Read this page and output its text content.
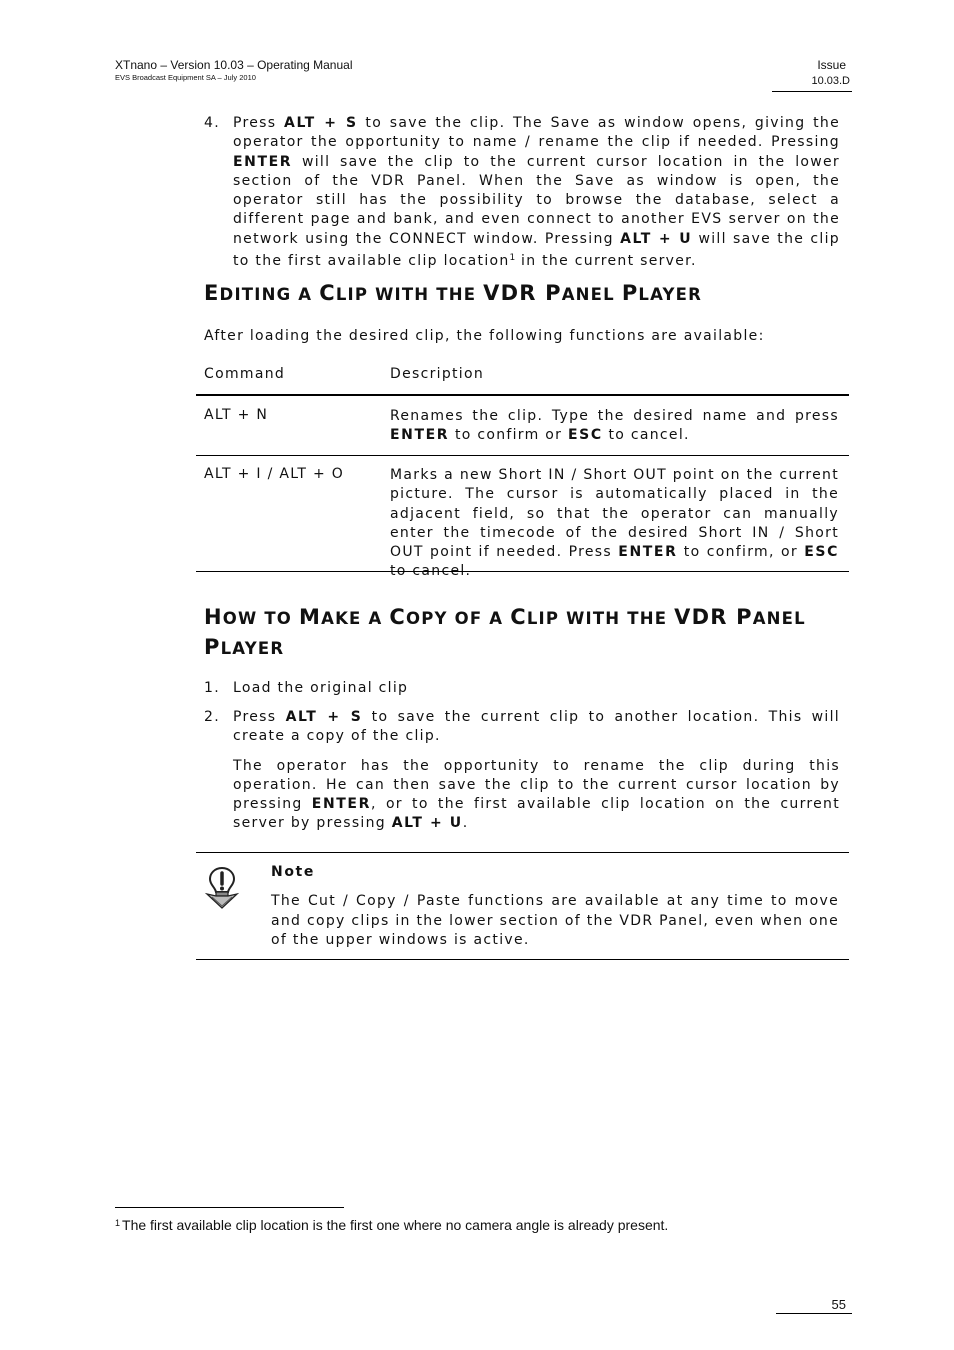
XTnano – Version 10.03 – Operating Manual
EVS Broadcast Equipment SA – July 2010
Issue
10.03.D
4. Press ALT + S to save the clip. The Save as window opens, giving the operator the opportunity to name / rename the clip if needed. Pressing ENTER will save the clip to the current cursor location in the lower section of the VDR Panel. When the Save as window is open, the operator still has the possibility to browse the database, select a different page and bank, and even connect to another EVS server on the network using the CONNECT window. Pressing ALT + U will save the clip to the first available clip location$^1$ in the current server.
EDITING A CLIP WITH THE VDR PANEL PLAYER
After loading the desired clip, the following functions are available:
Command	Description
ALT + N	Renames the clip. Type the desired name and press ENTER to confirm or ESC to cancel.
ALT + I / ALT + O	Marks a new Short IN / Short OUT point on the current picture. The cursor is automatically placed in the adjacent field, so that the operator can manually enter the timecode of the desired Short IN / Short OUT point if needed. Press ENTER to confirm, or ESC to cancel.
HOW TO MAKE A COPY OF A CLIP WITH THE VDR PANEL
PLAYER
1. Load the original clip
2. Press ALT + S to save the current clip to another location. This will create a copy of the clip.
The operator has the opportunity to rename the clip during this operation. He can then save the clip to the current cursor location by pressing ENTER, or to the first available clip location on the current server by pressing ALT + U.
Note
The Cut / Copy / Paste functions are available at any time to move and copy clips in the lower section of the VDR Panel, even when one of the upper windows is active.
$^1$ The first available clip location is the first one where no camera angle is already present.
55
